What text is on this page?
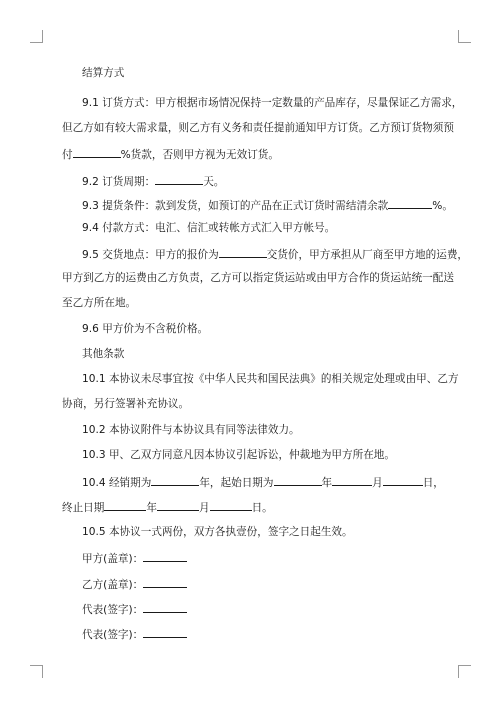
结算方式
9.1 订货方式：甲方根据市场情况保持一定数量的产品库存，尽量保证乙方需求，
但乙方如有较大需求量，则乙方有义务和责任提前通知甲方订货。乙方预订货物须预
付	%货款，否则甲方视为无效订货。
9.2 订货周期：	天。
9.3 提货条件：款到发货，如预订的产品在正式订货时需结清余款	%。
9.4 付款方式：电汇、信汇或转帐方式汇入甲方帐号。
9.5 交货地点：甲方的报价为	交货价，甲方承担从厂商至甲方地的运费，
甲方到乙方的运费由乙方负责，乙方可以指定货运站或由甲方合作的货运站统一配送
至乙方所在地。
9.6 甲方价为不含税价格。
其他条款
10.1 本协议未尽事宜按《中华人民共和国民法典》的相关规定处理或由甲、乙方
协商，另行签署补充协议。
10.2 本协议附件与本协议具有同等法律效力。
10.3 甲、乙双方同意凡因本协议引起诉讼，仲裁地为甲方所在地。
10.4 经销期为	年，起始日期为	年	月	日，
终止日期	年	月	日。
10.5 本协议一式两份，双方各执壹份，签字之日起生效。
甲方(盖章)：
乙方(盖章)：
代表(签字)：
代表(签字)：
